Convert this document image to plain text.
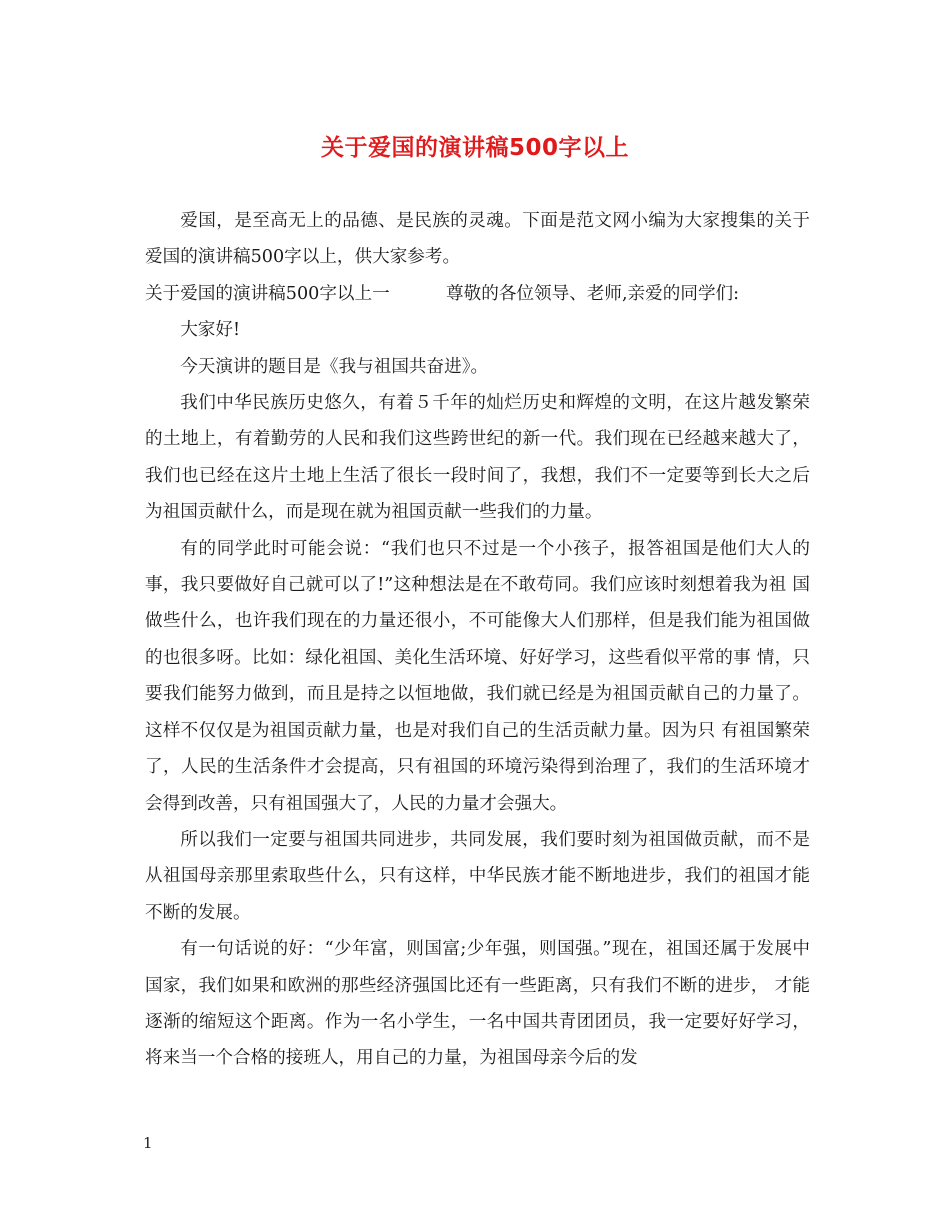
关于爱国的演讲稿500字以上

爱国，是至高无上的品德、是民族的灵魂。下面是范文网小编为大家搜集的关于爱国的演讲稿500字以上，供大家参考。

关于爱国的演讲稿500字以上一	尊敬的各位领导、老师,亲爱的同学们:

大家好!

今天演讲的题目是《我与祖国共奋进》。

我们中华民族历史悠久，有着５千年的灿烂历史和辉煌的文明，在这片越发繁荣的土地上，有着勤劳的人民和我们这些跨世纪的新一代。我们现在已经越来越大了， 我们也已经在这片土地上生活了很长一段时间了，我想，我们不一定要等到长大之后为祖国贡献什么，而是现在就为祖国贡献一些我们的力量。

有的同学此时可能会说：“我们也只不过是一个小孩子，报答祖国是他们大人的事，我只要做好自己就可以了!”这种想法是在不敢苟同。我们应该时刻想着我为祖 国做些什么，也许我们现在的力量还很小，不可能像大人们那样，但是我们能为祖国做的也很多呀。比如：绿化祖国、美化生活环境、好好学习，这些看似平常的事 情，只要我们能努力做到，而且是持之以恒地做，我们就已经是为祖国贡献自己的力量了。这样不仅仅是为祖国贡献力量，也是对我们自己的生活贡献力量。因为只 有祖国繁荣了，人民的生活条件才会提高，只有祖国的环境污染得到治理了，我们的生活环境才会得到改善，只有祖国强大了，人民的力量才会强大。

所以我们一定要与祖国共同进步，共同发展，我们要时刻为祖国做贡献，而不是从祖国母亲那里索取些什么，只有这样，中华民族才能不断地进步，我们的祖国才能不断的发展。

有一句话说的好：“少年富，则国富;少年强，则国强。”现在，祖国还属于发展中国家，我们如果和欧洲的那些经济强国比还有一些距离，只有我们不断的进步， 才能逐渐的缩短这个距离。作为一名小学生，一名中国共青团团员，我一定要好好学习，将来当一个合格的接班人，用自己的力量，为祖国母亲今后的发

1
